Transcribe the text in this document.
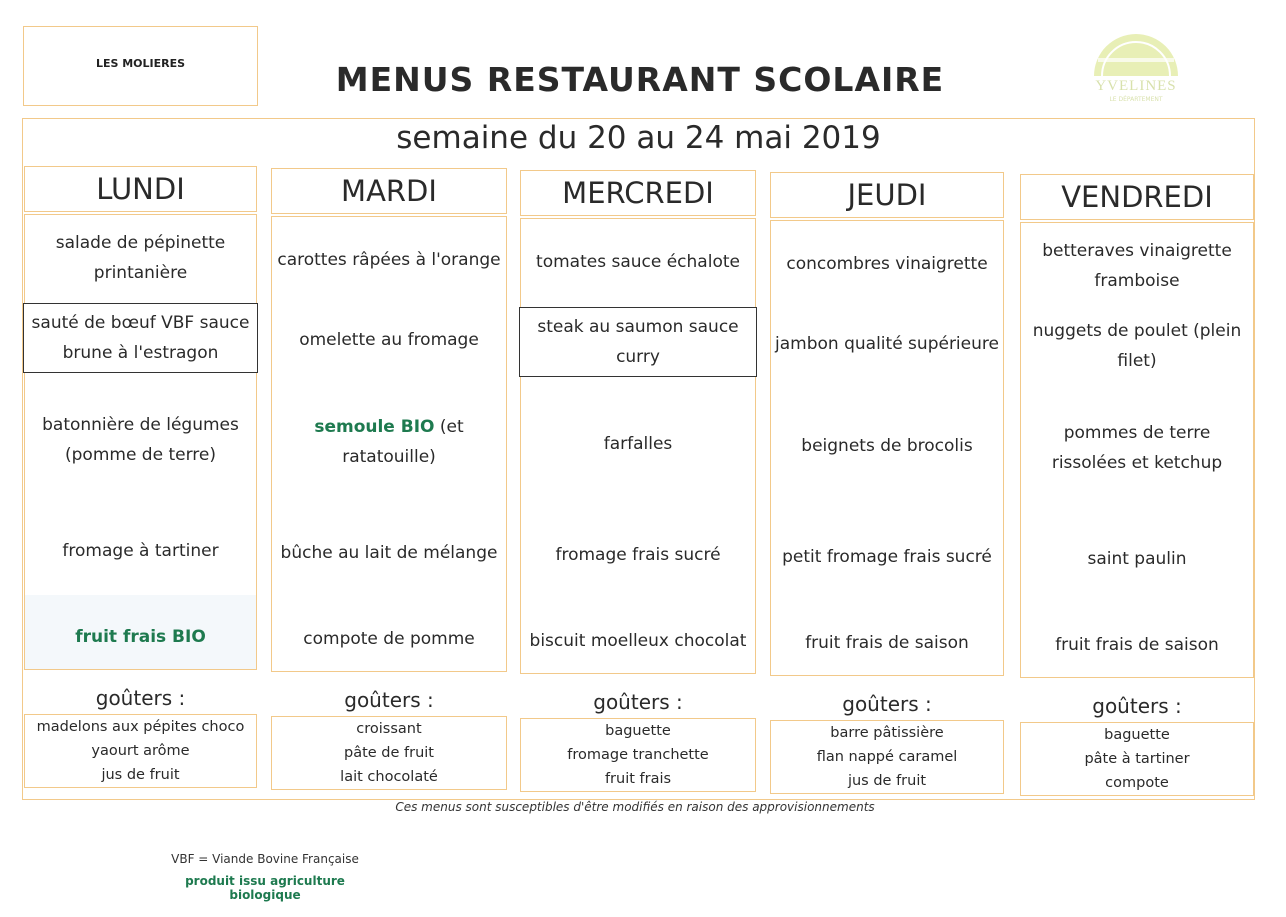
LES MOLIERES	MENUS RESTAURANT SCOLAIRE	YVELINES
LE DÉPARTEMENT
semaine du 20 au 24 mai 2019
LUNDI
salade de pépinette printanière
sauté de bœuf VBF sauce brune à l'estragon
batonnière de légumes (pomme de terre)
fromage à tartiner
fruit frais BIO
goûters :
madelons aux pépites choco
yaourt arôme
jus de fruit
MARDI
carottes râpées à l'orange
omelette au fromage
semoule BIO (et ratatouille)
bûche au lait de mélange
compote de pomme
goûters :
croissant
pâte de fruit
lait chocolaté
MERCREDI
tomates sauce échalote
steak au saumon sauce curry
farfalles
fromage frais sucré
biscuit moelleux chocolat
goûters :
baguette
fromage tranchette
fruit frais
JEUDI
concombres vinaigrette
jambon qualité supérieure
beignets de brocolis
petit fromage frais sucré
fruit frais de saison
goûters :
barre pâtissière
flan nappé caramel
jus de fruit
VENDREDI
betteraves vinaigrette framboise
nuggets de poulet (plein filet)
pommes de terre rissolées et ketchup
saint paulin
fruit frais de saison
goûters :
baguette
pâte à tartiner
compote
Ces menus sont susceptibles d'être modifiés en raison des approvisionnements
VBF = Viande Bovine Française
produit issu agriculture biologique
